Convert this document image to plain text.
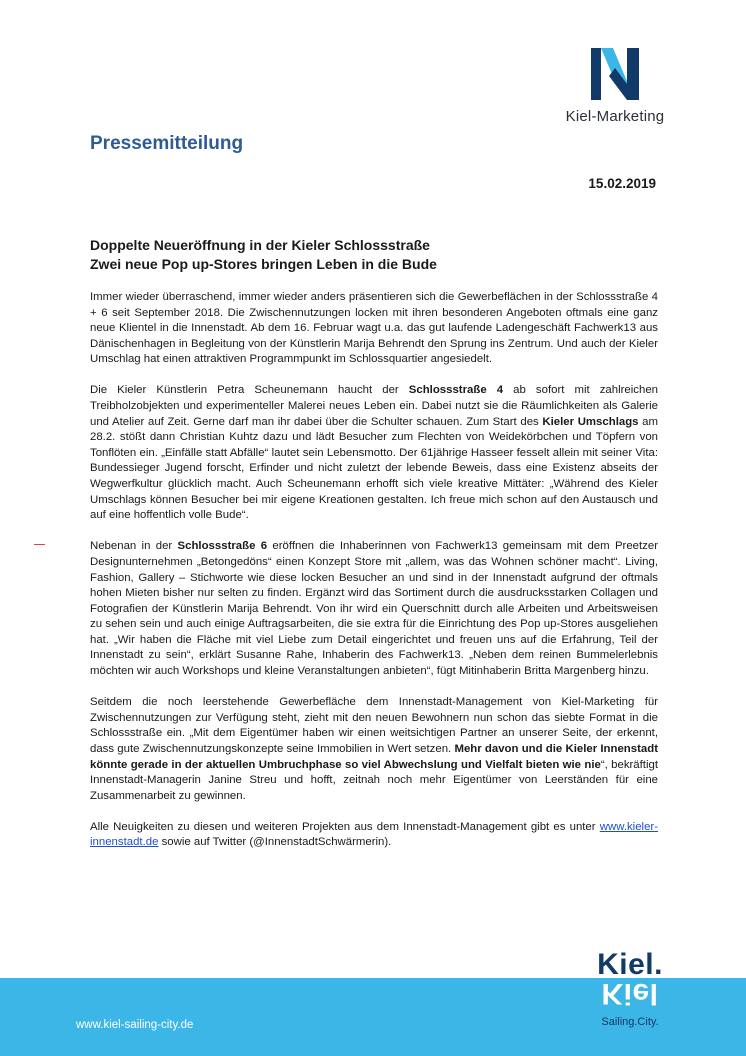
Kiel-Marketing
Pressemitteilung
15.02.2019
Doppelte Neueröffnung in der Kieler Schlossstraße
Zwei neue Pop up-Stores bringen Leben in die Bude

Immer wieder überraschend, immer wieder anders präsentieren sich die Gewerbeflächen in der Schlossstraße 4 + 6 seit September 2018. Die Zwischennutzungen locken mit ihren besonderen Angeboten oftmals eine ganz neue Klientel in die Innenstadt. Ab dem 16. Februar wagt u.a. das gut laufende Ladengeschäft Fachwerk13 aus Dänischenhagen in Begleitung von der Künstlerin Marija Behrendt den Sprung ins Zentrum. Und auch der Kieler Umschlag hat einen attraktiven Programmpunkt im Schlossquartier angesiedelt.

Die Kieler Künstlerin Petra Scheunemann haucht der Schlossstraße 4 ab sofort mit zahlreichen Treibholzobjekten und experimenteller Malerei neues Leben ein. Dabei nutzt sie die Räumlichkeiten als Galerie und Atelier auf Zeit. Gerne darf man ihr dabei über die Schulter schauen. Zum Start des Kieler Umschlags am 28.2. stößt dann Christian Kuhtz dazu und lädt Besucher zum Flechten von Weidekörbchen und Töpfern von Tonflöten ein. „Einfälle statt Abfälle“ lautet sein Lebensmotto. Der 61jährige Hasseer fesselt allein mit seiner Vita: Bundessieger Jugend forscht, Erfinder und nicht zuletzt der lebende Beweis, dass eine Existenz abseits der Wegwerfkultur glücklich macht. Auch Scheunemann erhofft sich viele kreative Mittäter: „Während des Kieler Umschlags können Besucher bei mir eigene Kreationen gestalten. Ich freue mich schon auf den Austausch und auf eine hoffentlich volle Bude“.

Nebenan in der Schlossstraße 6 eröffnen die Inhaberinnen von Fachwerk13 gemeinsam mit dem Preetzer Designunternehmen „Betongedöns“ einen Konzept Store mit „allem, was das Wohnen schöner macht“. Living, Fashion, Gallery – Stichworte wie diese locken Besucher an und sind in der Innenstadt aufgrund der oftmals hohen Mieten bisher nur selten zu finden. Ergänzt wird das Sortiment durch die ausdrucksstarken Collagen und Fotografien der Künstlerin Marija Behrendt. Von ihr wird ein Querschnitt durch alle Arbeiten und Arbeitsweisen zu sehen sein und auch einige Auftragsarbeiten, die sie extra für die Einrichtung des Pop up-Stores ausgeliehen hat. „Wir haben die Fläche mit viel Liebe zum Detail eingerichtet und freuen uns auf die Erfahrung, Teil der Innenstadt zu sein“, erklärt Susanne Rahe, Inhaberin des Fachwerk13. „Neben dem reinen Bummelerlebnis möchten wir auch Workshops und kleine Veranstaltungen anbieten“, fügt Mitinhaberin Britta Margenberg hinzu.

Seitdem die noch leerstehende Gewerbefläche dem Innenstadt-Management von Kiel-Marketing für Zwischennutzungen zur Verfügung steht, zieht mit den neuen Bewohnern nun schon das siebte Format in die Schlossstraße ein. „Mit dem Eigentümer haben wir einen weitsichtigen Partner an unserer Seite, der erkennt, dass gute Zwischennutzungskonzepte seine Immobilien in Wert setzen. Mehr davon und die Kieler Innenstadt könnte gerade in der aktuellen Umbruchphase so viel Abwechslung und Vielfalt bieten wie nie“, bekräftigt Innenstadt-Managerin Janine Streu und hofft, zeitnah noch mehr Eigentümer von Leerständen für eine Zusammenarbeit zu gewinnen.

Alle Neuigkeiten zu diesen und weiteren Projekten aus dem Innenstadt-Management gibt es unter www.kieler-innenstadt.de sowie auf Twitter (@InnenstadtSchwärmerin).

www.kiel-sailing-city.de
Kiel.
Kiel
Sailing.City.
